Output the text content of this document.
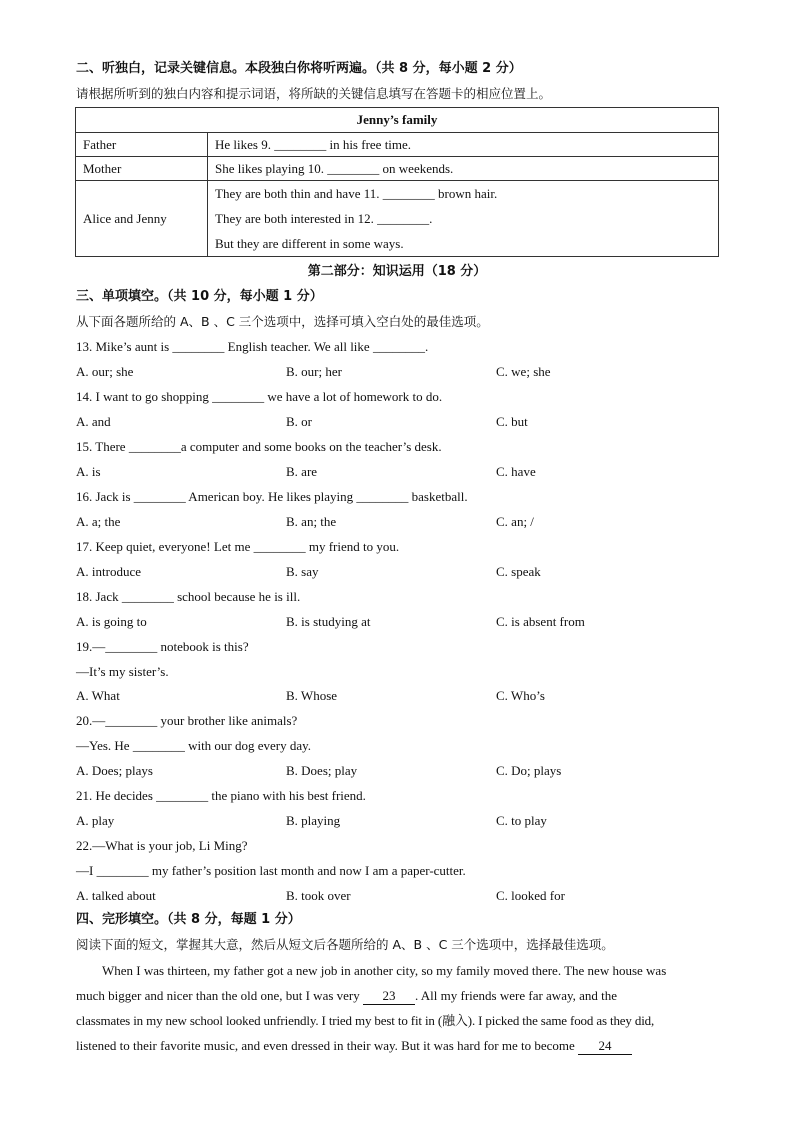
二、听独白，记录关键信息。本段独白你将听两遍。（共 8 分，每小题 2 分）
请根据所听到的独白内容和提示词语，将所缺的关键信息填写在答题卡的相应位置上。
Jenny’s family	
Father	He likes 9. ________ in his free time.
Mother	She likes playing 10. ________ on weekends.
Alice and Jenny	They are both thin and have 11. ________ brown hair.
They are both interested in 12. ________.
But they are different in some ways.
第二部分：知识运用（18 分）
三、单项填空。（共 10 分，每小题 1 分）
从下面各题所给的 A、B 、C 三个选项中，选择可填入空白处的最佳选项。
13. Mike’s aunt is ________ English teacher. We all like ________.
A. our; she	B. our; her	C. we; she
14. I want to go shopping ________ we have a lot of homework to do.
A. and	B. or	C. but
15. There ________a computer and some books on the teacher’s desk.
A. is	B. are	C. have
16. Jack is ________ American boy. He likes playing ________ basketball.
A. a; the	B. an; the	C. an; /
17. Keep quiet, everyone! Let me ________ my friend to you.
A. introduce	B. say	C. speak
18. Jack ________ school because he is ill.
A. is going to	B. is studying at	C. is absent from
19.—________ notebook is this?
—It’s my sister’s.
A. What	B. Whose	C. Who’s
20.—________ your brother like animals?
—Yes. He ________ with our dog every day.
A. Does; plays	B. Does; play	C. Do; plays
21. He decides ________ the piano with his best friend.
A. play	B. playing	C. to play
22.—What is your job, Li Ming?
—I ________ my father’s position last month and now I am a paper-cutter.
A. talked about	B. took over	C. looked for
四、完形填空。（共 8 分，每题 1 分）
阅读下面的短文，掌握其大意，然后从短文后各题所给的 A、B 、C 三个选项中，选择最佳选项。
When I was thirteen, my father got a new job in another city, so my family moved there. The new house was
much bigger and nicer than the old one, but I was very 23 . All my friends were far away, and the
classmates in my new school looked unfriendly. I tried my best to fit in (融入). I picked the same food as they did,
listened to their favorite music, and even dressed in their way. But it was hard for me to become 24
